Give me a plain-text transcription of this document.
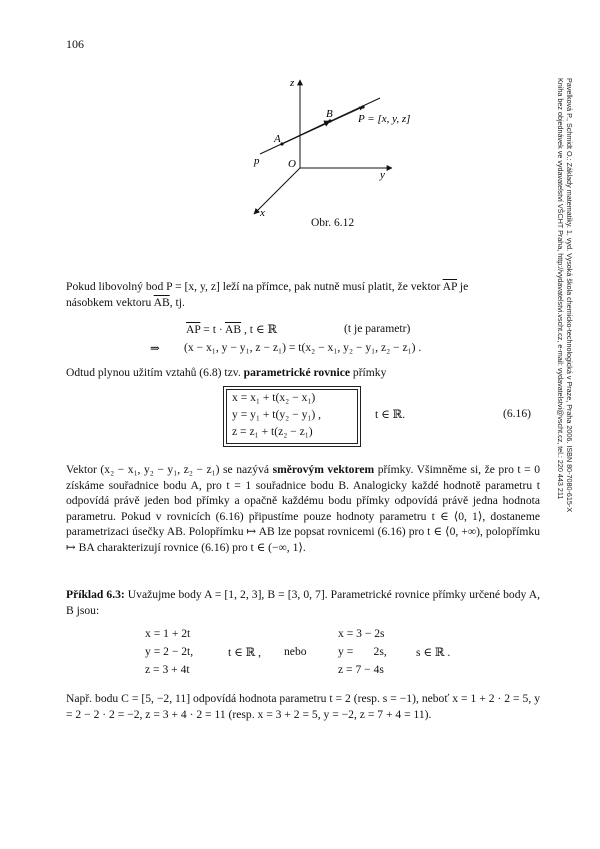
106
Pavelková P., Schmidt O.: Základy matematiky. 1. vyd. Vysoká škola chemicko-technologická v Praze, Praha 2006. ISBN 80-7080-615-X
Kniha bez objednávek ve vydavatelství VŠCHT Praha, http://vydavatelstvi.vscht.cz, e-mail: vydavatelstvi@vscht.cz, tel.: 220 443 211
z
y
x
O
A
B
p
P = [x, y, z]
Obr. 6.12
Pokud libovolný bod P = [x, y, z] leží na přímce, pak nutně musí platit, že vektor $\overline{AP}$ je
násobkem vektoru $\overline{AB}$, tj.
$\overline{AP} = t \cdot \overline{AB}$ , t ∈ ℝ	(t je parametr)
⇒ (x − x₁, y − y₁, z − z₁) = t(x₂ − x₁, y₂ − y₁, z₂ − z₁) .
Odtud plynou užitím vztahů (6.8) tzv. parametrické rovnice přímky
x = x₁ + t(x₂ − x₁)
y = y₁ + t(y₂ − y₁) ,
z = z₁ + t(z₂ − z₁)
t ∈ ℝ.	(6.16)
Vektor (x₂ − x₁, y₂ − y₁, z₂ − z₁) se nazývá směrovým vektorem přímky. Všimněme si, že pro t = 0 získáme souřadnice bodu A, pro t = 1 souřadnice bodu B. Analogicky každé hodnotě parametru t odpovídá právě jeden bod přímky a opačně každému bodu přímky odpovídá právě jedna hodnota parametru. Pokud v rovnicích (6.16) připustíme pouze hodnoty parametru t ∈ ⟨0, 1⟩, dostaneme parametrizaci úsečky AB. Polopřímku ↦ AB lze popsat rovnicemi (6.16) pro t ∈ ⟨0, +∞), polopřímku ↦ BA charakterizují rovnice (6.16) pro t ∈ (−∞, 1⟩.
Příklad 6.3: Uvažujme body A = [1, 2, 3], B = [3, 0, 7]. Parametrické rovnice přímky určené body A, B jsou:
x = 1 + 2t
y = 2 − 2t,
z = 3 + 4t
t ∈ ℝ , nebo
x = 3 − 2s
y =       2s,
z = 7 − 4s
s ∈ ℝ .
Např. bodu C = [5, −2, 11] odpovídá hodnota parametru t = 2 (resp. s = −1), neboť x = 1 + 2 · 2 = 5, y = 2 − 2 · 2 = −2, z = 3 + 4 · 2 = 11 (resp. x = 3 + 2 = 5, y = −2, z = 7 + 4 = 11).
